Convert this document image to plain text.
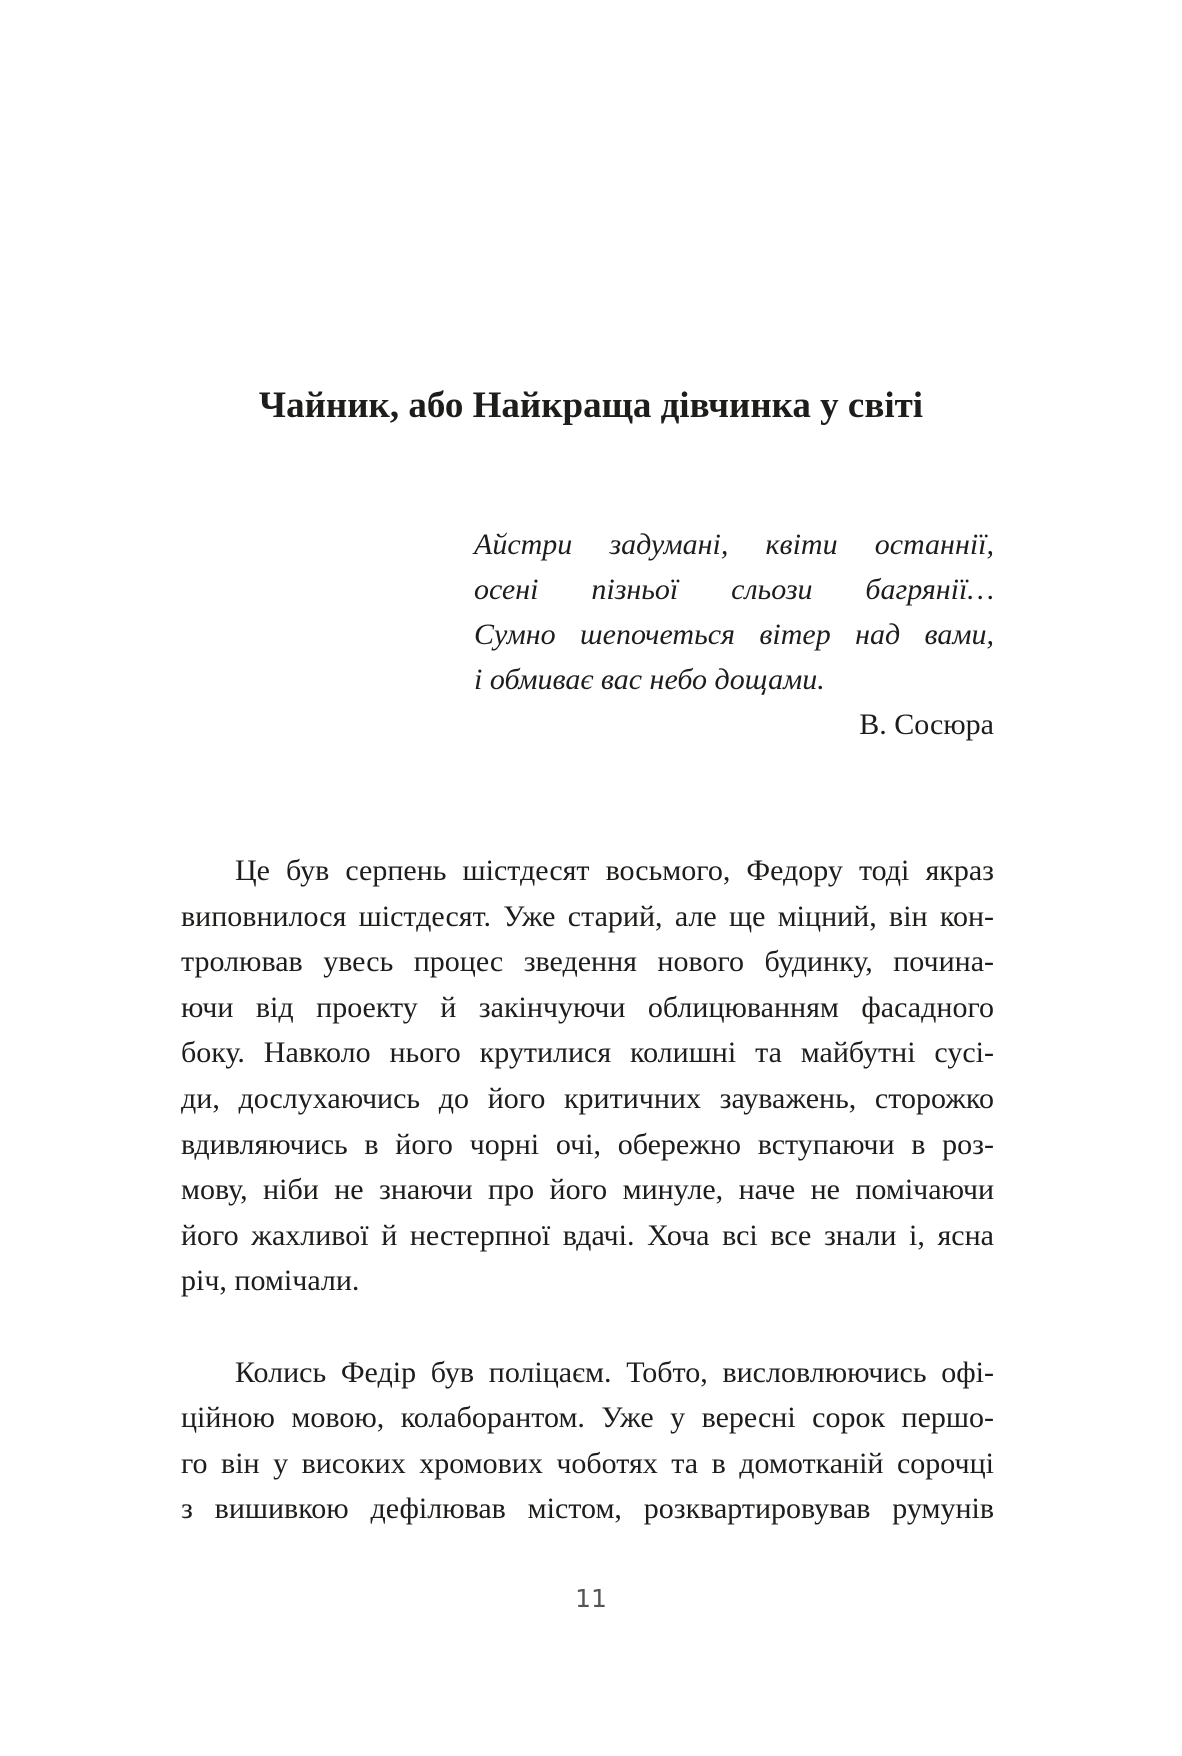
Чайник, або Найкраща дівчинка у світі
Айстри задумані, квіти останнії,
осені пізньої сльози багрянії…
Сумно шепочеться вітер над вами,
і обмиває вас небо дощами.
В. Сосюра

Це був серпень шістдесят восьмого, Федору тоді якраз
виповнилося шістдесят. Уже старий, але ще міцний, він кон-
тролював увесь процес зведення нового будинку, почина-
ючи від проекту й закінчуючи облицюванням фасадного
боку. Навколо нього крутилися колишні та майбутні сусі-
ди, дослухаючись до його критичних зауважень, сторожко
вдивляючись в його чорні очі, обережно вступаючи в роз-
мову, ніби не знаючи про його минуле, наче не помічаючи
його жахливої й нестерпної вдачі. Хоча всі все знали і, ясна
річ, помічали.

Колись Федір був поліцаєм. Тобто, висловлюючись офі-
ційною мовою, колаборантом. Уже у вересні сорок першо-
го він у високих хромових чоботях та в домотканій сорочці
з вишивкою дефілював містом, розквартировував румунів

11
